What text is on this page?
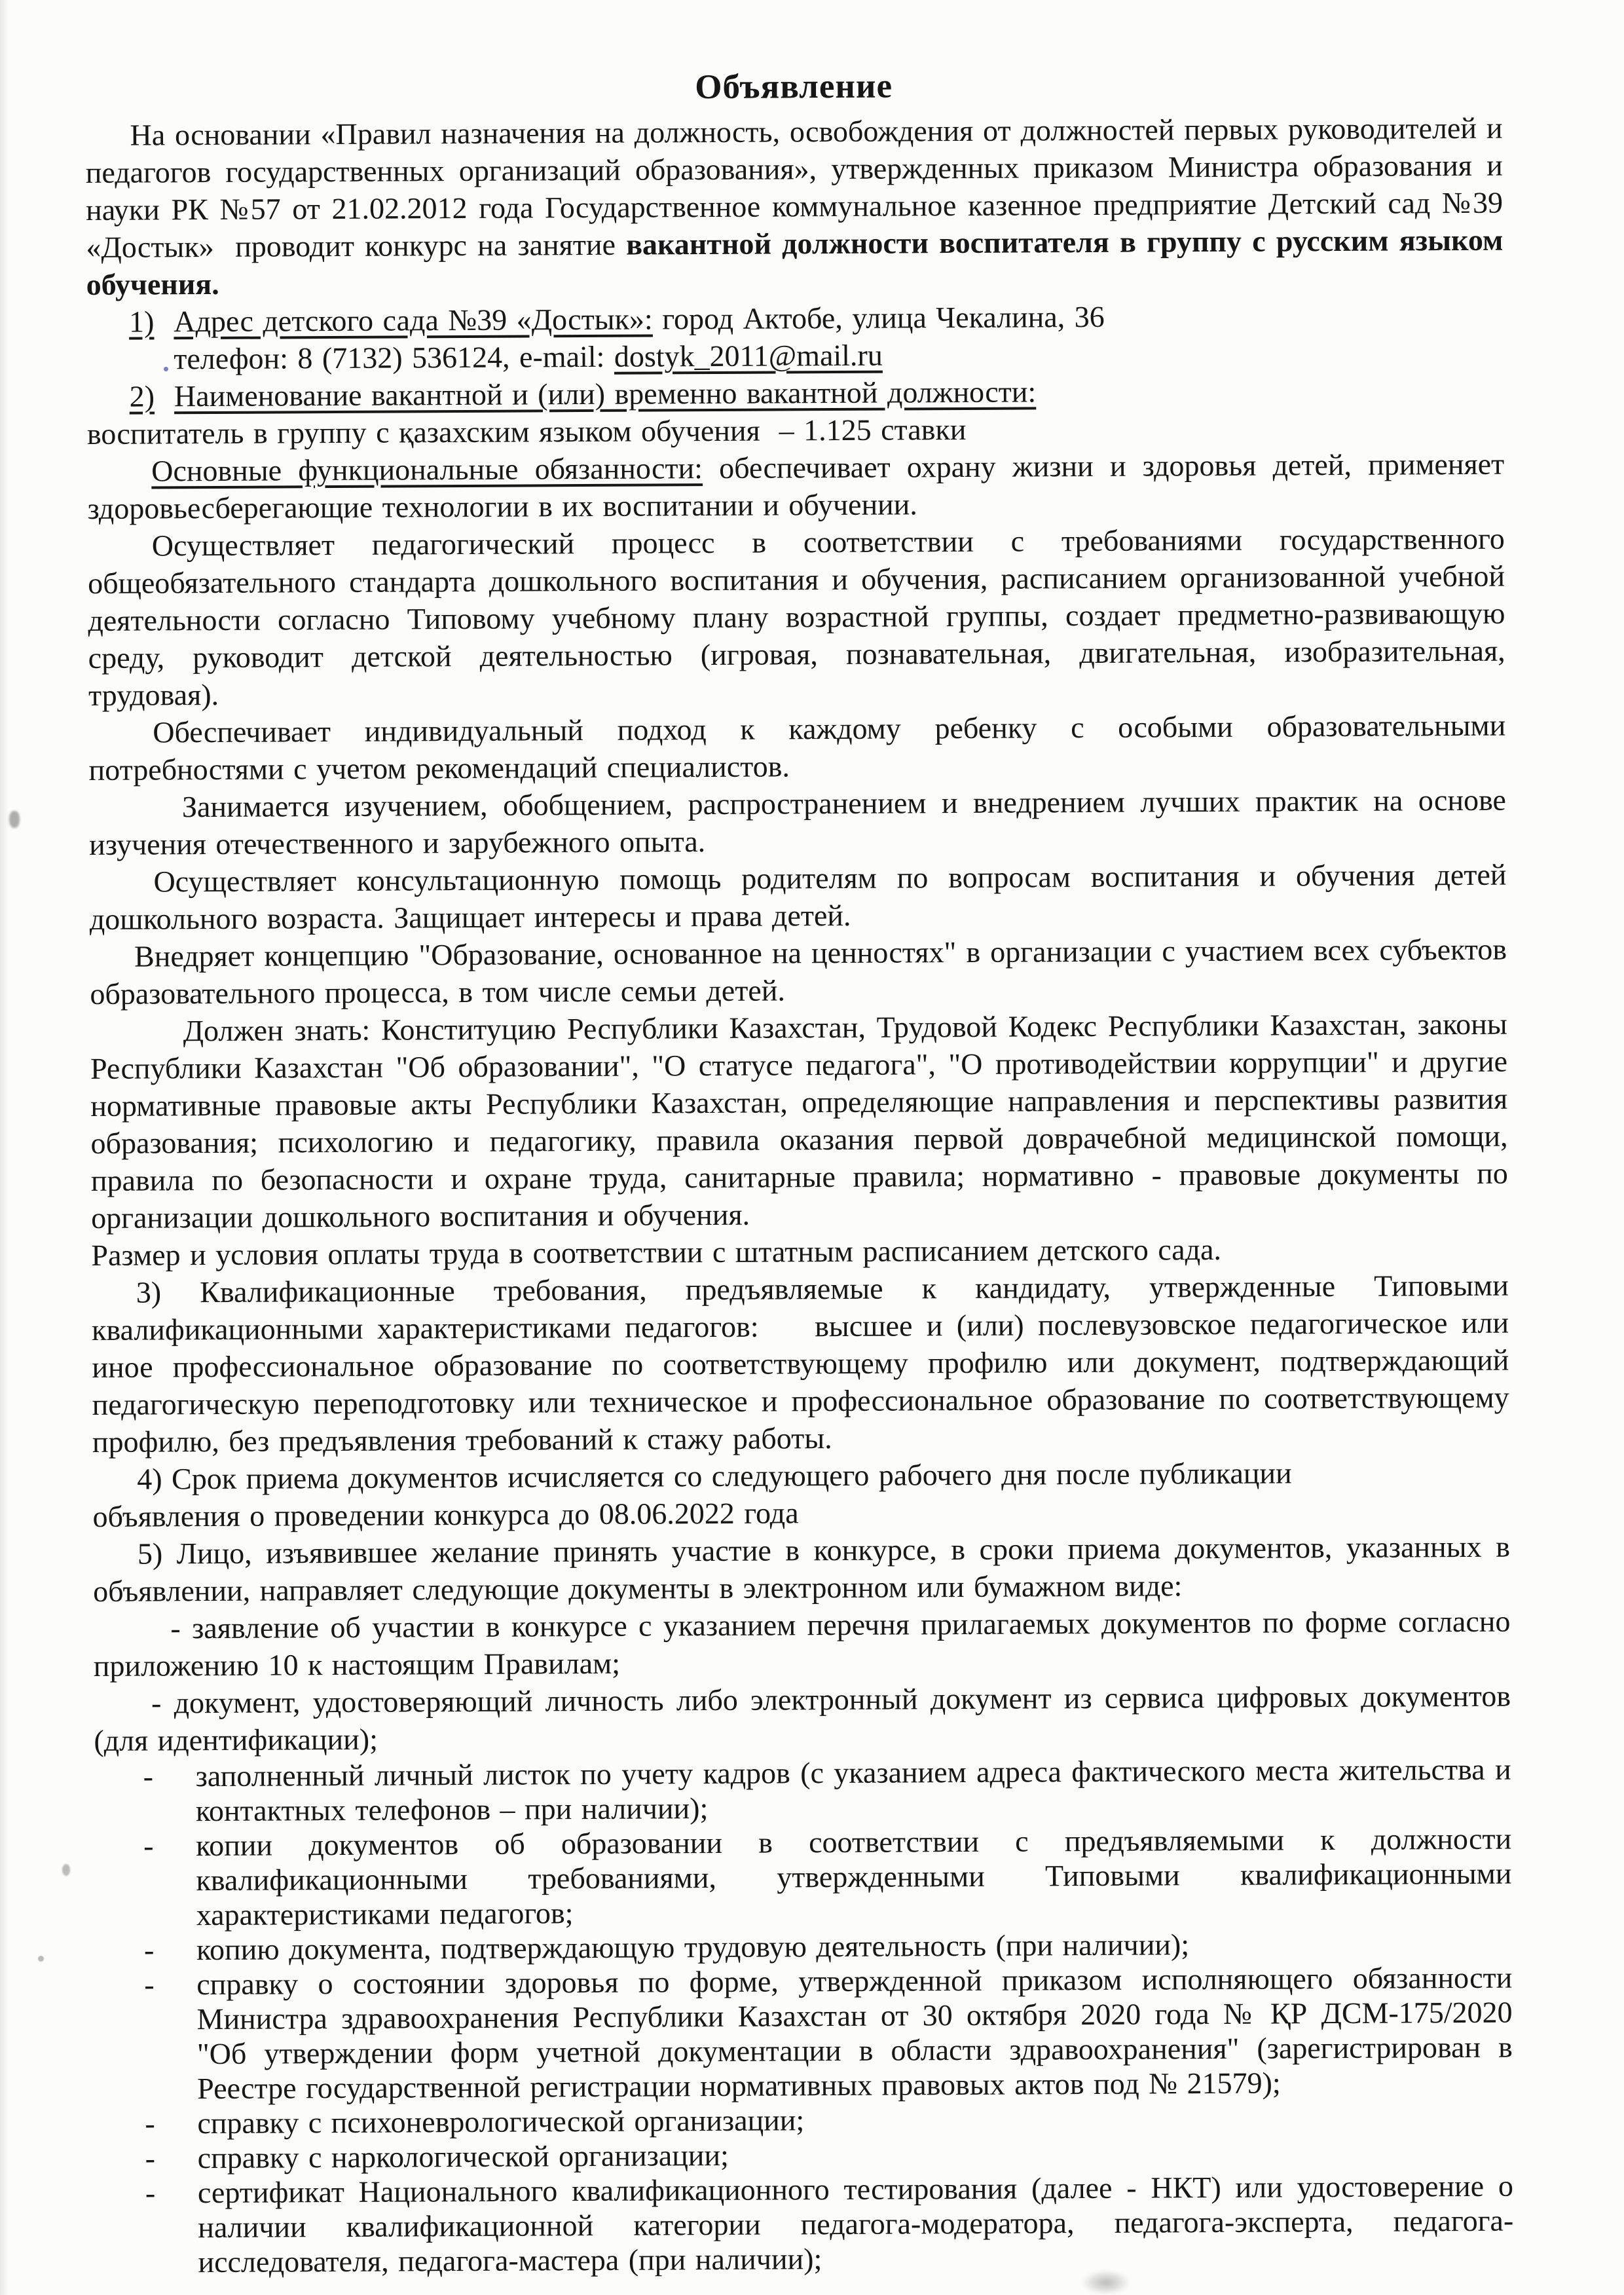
Объявление

На основании «Правил назначения на должность, освобождения от должностей первых руководителей и педагогов государственных организаций образования», утвержденных приказом Министра образования и науки РК №57 от 21.02.2012 года Государственное коммунальное казенное предприятие Детский сад №39 «Достык»  проводит конкурс на занятие вакантной должности воспитателя в группу с русским языком обучения.

1) Адрес детского сада №39 «Достык»: город Актобе, улица Чекалина, 36

телефон: 8 (7132) 536124, e-mail: dostyk_2011@mail.ru

2) Наименование вакантной и (или) временно вакантной должности:

воспитатель в группу с қазахским языком обучения  – 1.125 ставки

Основные функциональные обязанности: обеспечивает охрану жизни и здоровья детей, применяет здоровьесберегающие технологии в их воспитании и обучении.

Осуществляет педагогический процесс в соответствии с требованиями государственного общеобязательного стандарта дошкольного воспитания и обучения, расписанием организованной учебной деятельности согласно Типовому учебному плану возрастной группы, создает предметно-развивающую среду, руководит детской деятельностью (игровая, познавательная, двигательная, изобразительная, трудовая).

Обеспечивает индивидуальный подход к каждому ребенку с особыми образовательными потребностями с учетом рекомендаций специалистов.

Занимается изучением, обобщением, распространением и внедрением лучших практик на основе изучения отечественного и зарубежного опыта.

Осуществляет консультационную помощь родителям по вопросам воспитания и обучения детей дошкольного возраста. Защищает интересы и права детей.

Внедряет концепцию "Образование, основанное на ценностях" в организации с участием всех субъектов образовательного процесса, в том числе семьи детей.

Должен знать: Конституцию Республики Казахстан, Трудовой Кодекс Республики Казахстан, законы Республики Казахстан "Об образовании", "О статусе педагога", "О противодействии коррупции" и другие нормативные правовые акты Республики Казахстан, определяющие направления и перспективы развития образования; психологию и педагогику, правила оказания первой доврачебной медицинской помощи, правила по безопасности и охране труда, санитарные правила; нормативно - правовые документы по организации дошкольного воспитания и обучения.

Размер и условия оплаты труда в соответствии с штатным расписанием детского сада.

3) Квалификационные требования, предъявляемые к кандидату, утвержденные Типовыми квалификационными характеристиками педагогов:    высшее и (или) послевузовское педагогическое или иное профессиональное образование по соответствующему профилю или документ, подтверждающий педагогическую переподготовку или техническое и профессиональное образование по соответствующему профилю, без предъявления требований к стажу работы.

4) Срок приема документов исчисляется со следующего рабочего дня после публикации

объявления о проведении конкурса до 08.06.2022 года

5) Лицо, изъявившее желание принять участие в конкурсе, в сроки приема документов, указанных в объявлении, направляет следующие документы в электронном или бумажном виде:

- заявление об участии в конкурсе с указанием перечня прилагаемых документов по форме согласно приложению 10 к настоящим Правилам;

- документ, удостоверяющий личность либо электронный документ из сервиса цифровых документов (для идентификации);

- заполненный личный листок по учету кадров (с указанием адреса фактического места жительства и контактных телефонов – при наличии);
- копии документов об образовании в соответствии с предъявляемыми к должности квалификационными требованиями, утвержденными Типовыми квалификационными характеристиками педагогов;
- копию документа, подтверждающую трудовую деятельность (при наличии);
- справку о состоянии здоровья по форме, утвержденной приказом исполняющего обязанности Министра здравоохранения Республики Казахстан от 30 октября 2020 года № ҚР ДСМ-175/2020 "Об утверждении форм учетной документации в области здравоохранения" (зарегистрирован в Реестре государственной регистрации нормативных правовых актов под № 21579);
- справку с психоневрологической организации;
- справку с наркологической организации;
- сертификат Национального квалификационного тестирования (далее - НКТ) или удостоверение о наличии квалификационной категории педагога-модератора, педагога-эксперта, педагога-исследователя, педагога-мастера (при наличии);
